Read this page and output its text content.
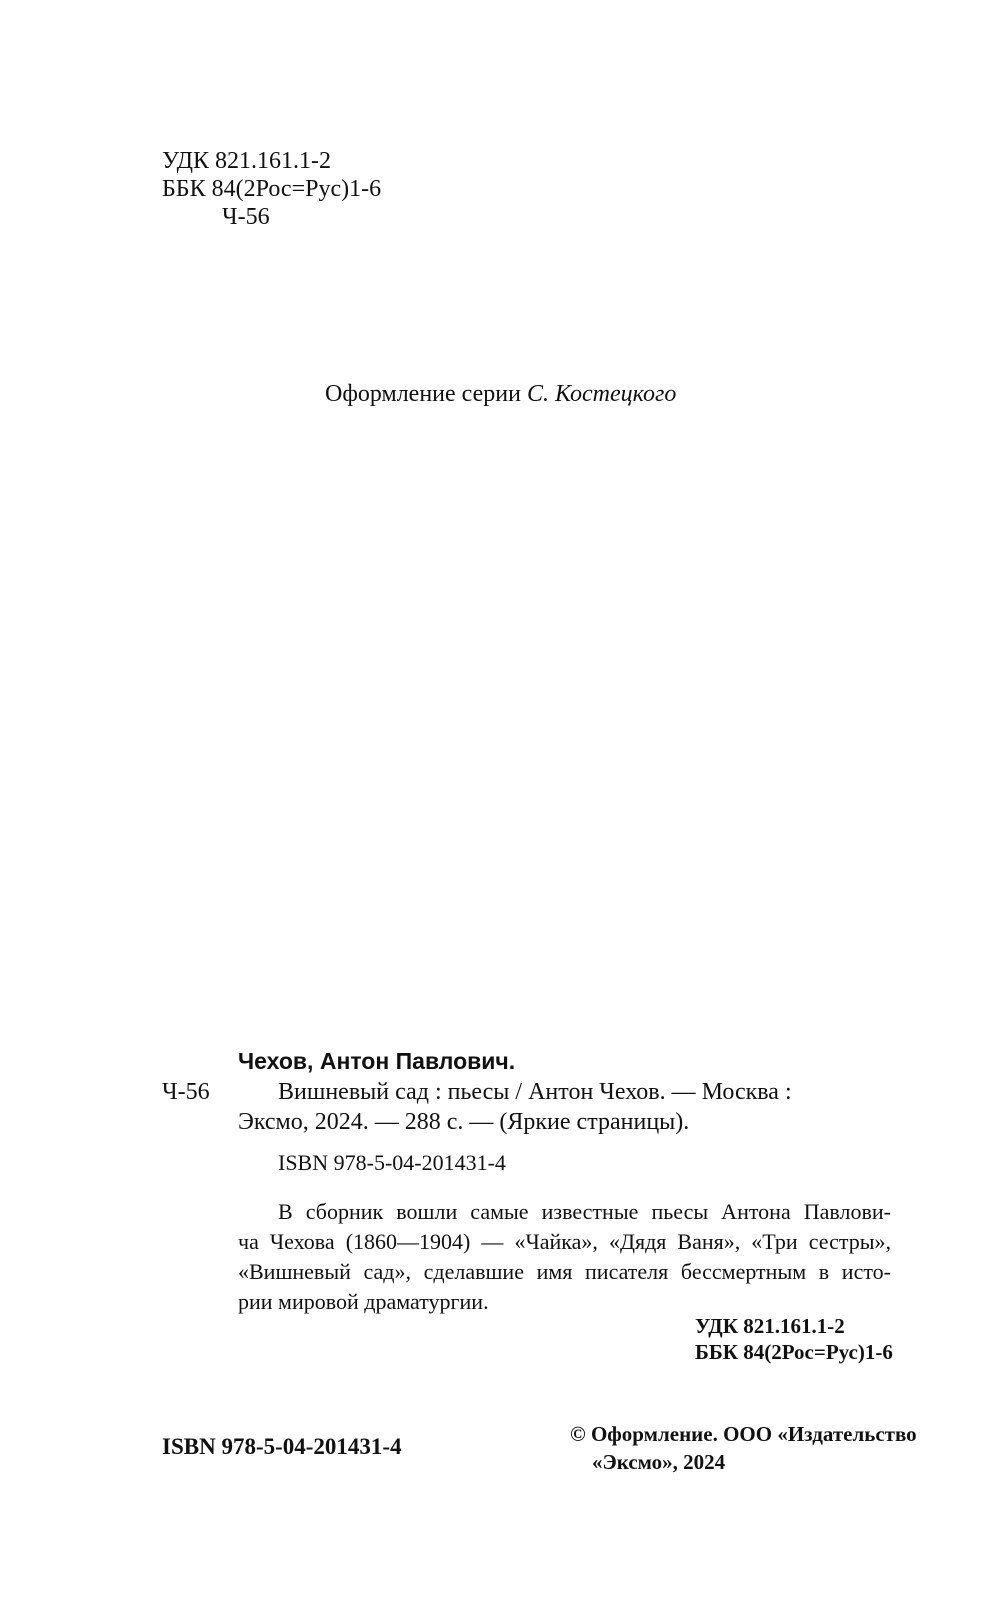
УДК 821.161.1-2
ББК 84(2Рос=Рус)1-6
Ч-56
Оформление серии С. Костецкого
Чехов, Антон Павлович.
Ч-56	Вишневый сад : пьесы / Антон Чехов. — Москва :
Эксмо, 2024. — 288 с. — (Яркие страницы).
ISBN 978-5-04-201431-4
В сборник вошли самые известные пьесы Антона Павлови-
ча Чехова (1860—1904) — «Чайка», «Дядя Ваня», «Три сестры»,
«Вишневый сад», сделавшие имя писателя бессмертным в исто-
рии мировой драматургии.
УДК 821.161.1-2
ББК 84(2Рос=Рус)1-6
ISBN 978-5-04-201431-4	© Оформление. ООО «Издательство
«Эксмо», 2024
